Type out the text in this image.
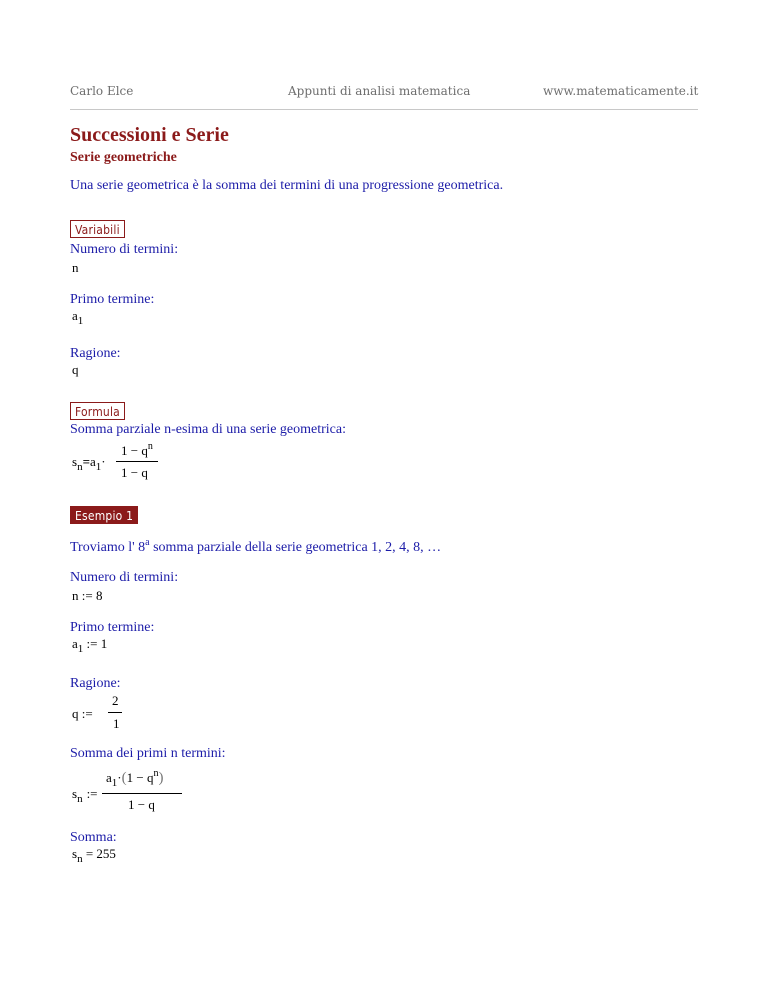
Carlo Elce	Appunti di analisi matematica	www.matematicamente.it
Successioni e Serie
Serie geometriche
Una serie geometrica è la somma dei termini di una progressione geometrica.
Variabili
Numero di termini:
n
Primo termine:
$a_1$
Ragione:
q
Formula
Somma parziale n-esima di una serie geometrica:
$s_n=a_1\cdot$
$1 - q^n$
1 − q
Esempio 1
Troviamo l' 8$^a$ somma parziale della serie geometrica 1, 2, 4, 8, …
Numero di termini:
n := 8
Primo termine:
$a_1$ := 1
Ragione:
q :=
2
1
Somma dei primi n termini:
$s_n$ :=
$a_1\cdot(1 - q^n)$
1 − q
Somma:
$s_n = 255$
